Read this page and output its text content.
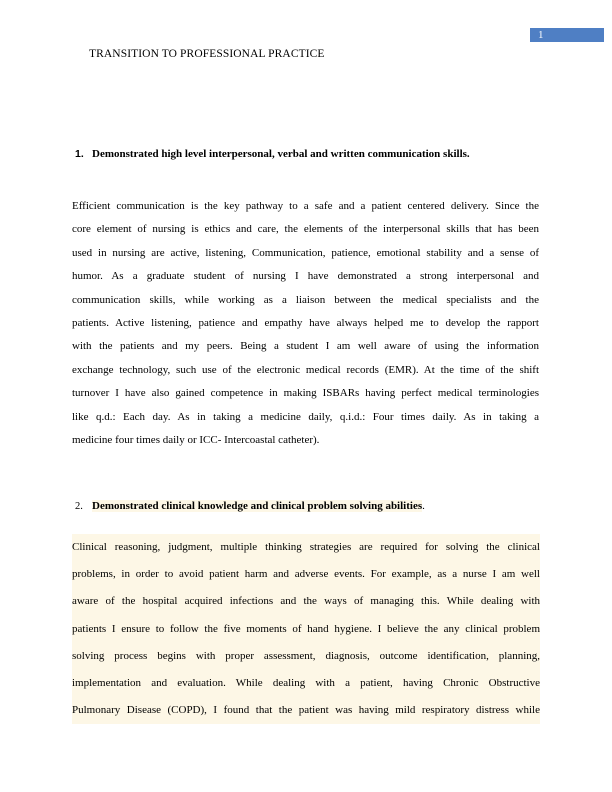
1
TRANSITION TO PROFESSIONAL PRACTICE
1. Demonstrated high level interpersonal, verbal and written communication skills.
Efficient communication is the key pathway to a safe and a patient centered delivery. Since the
core element of nursing is ethics and care, the elements of the interpersonal skills that has been
used in nursing are active, listening, Communication, patience, emotional stability and a sense of
humor. As a graduate student of nursing I have demonstrated a strong interpersonal and
communication skills, while working as a liaison between the medical specialists and the
patients. Active listening, patience and empathy have always helped me to develop the rapport
with the patients and my peers. Being a student I am well aware of using the information
exchange technology, such use of the electronic medical records (EMR). At the time of the shift
turnover I have also gained competence in making ISBARs having perfect medical terminologies
like q.d.: Each day. As in taking a medicine daily, q.i.d.: Four times daily. As in taking a
medicine four times daily or ICC- Intercoastal catheter).
2. Demonstrated clinical knowledge and clinical problem solving abilities.
Clinical reasoning, judgment, multiple thinking strategies are required for solving the clinical
problems, in order to avoid patient harm and adverse events. For example, as a nurse I am well
aware of the hospital acquired infections and the ways of managing this. While dealing with
patients I ensure to follow the five moments of hand hygiene. I believe the any clinical problem
solving process begins with proper assessment, diagnosis, outcome identification, planning,
implementation and evaluation. While dealing with a patient, having Chronic Obstructive
Pulmonary Disease (COPD), I found that the patient was having mild respiratory distress while
